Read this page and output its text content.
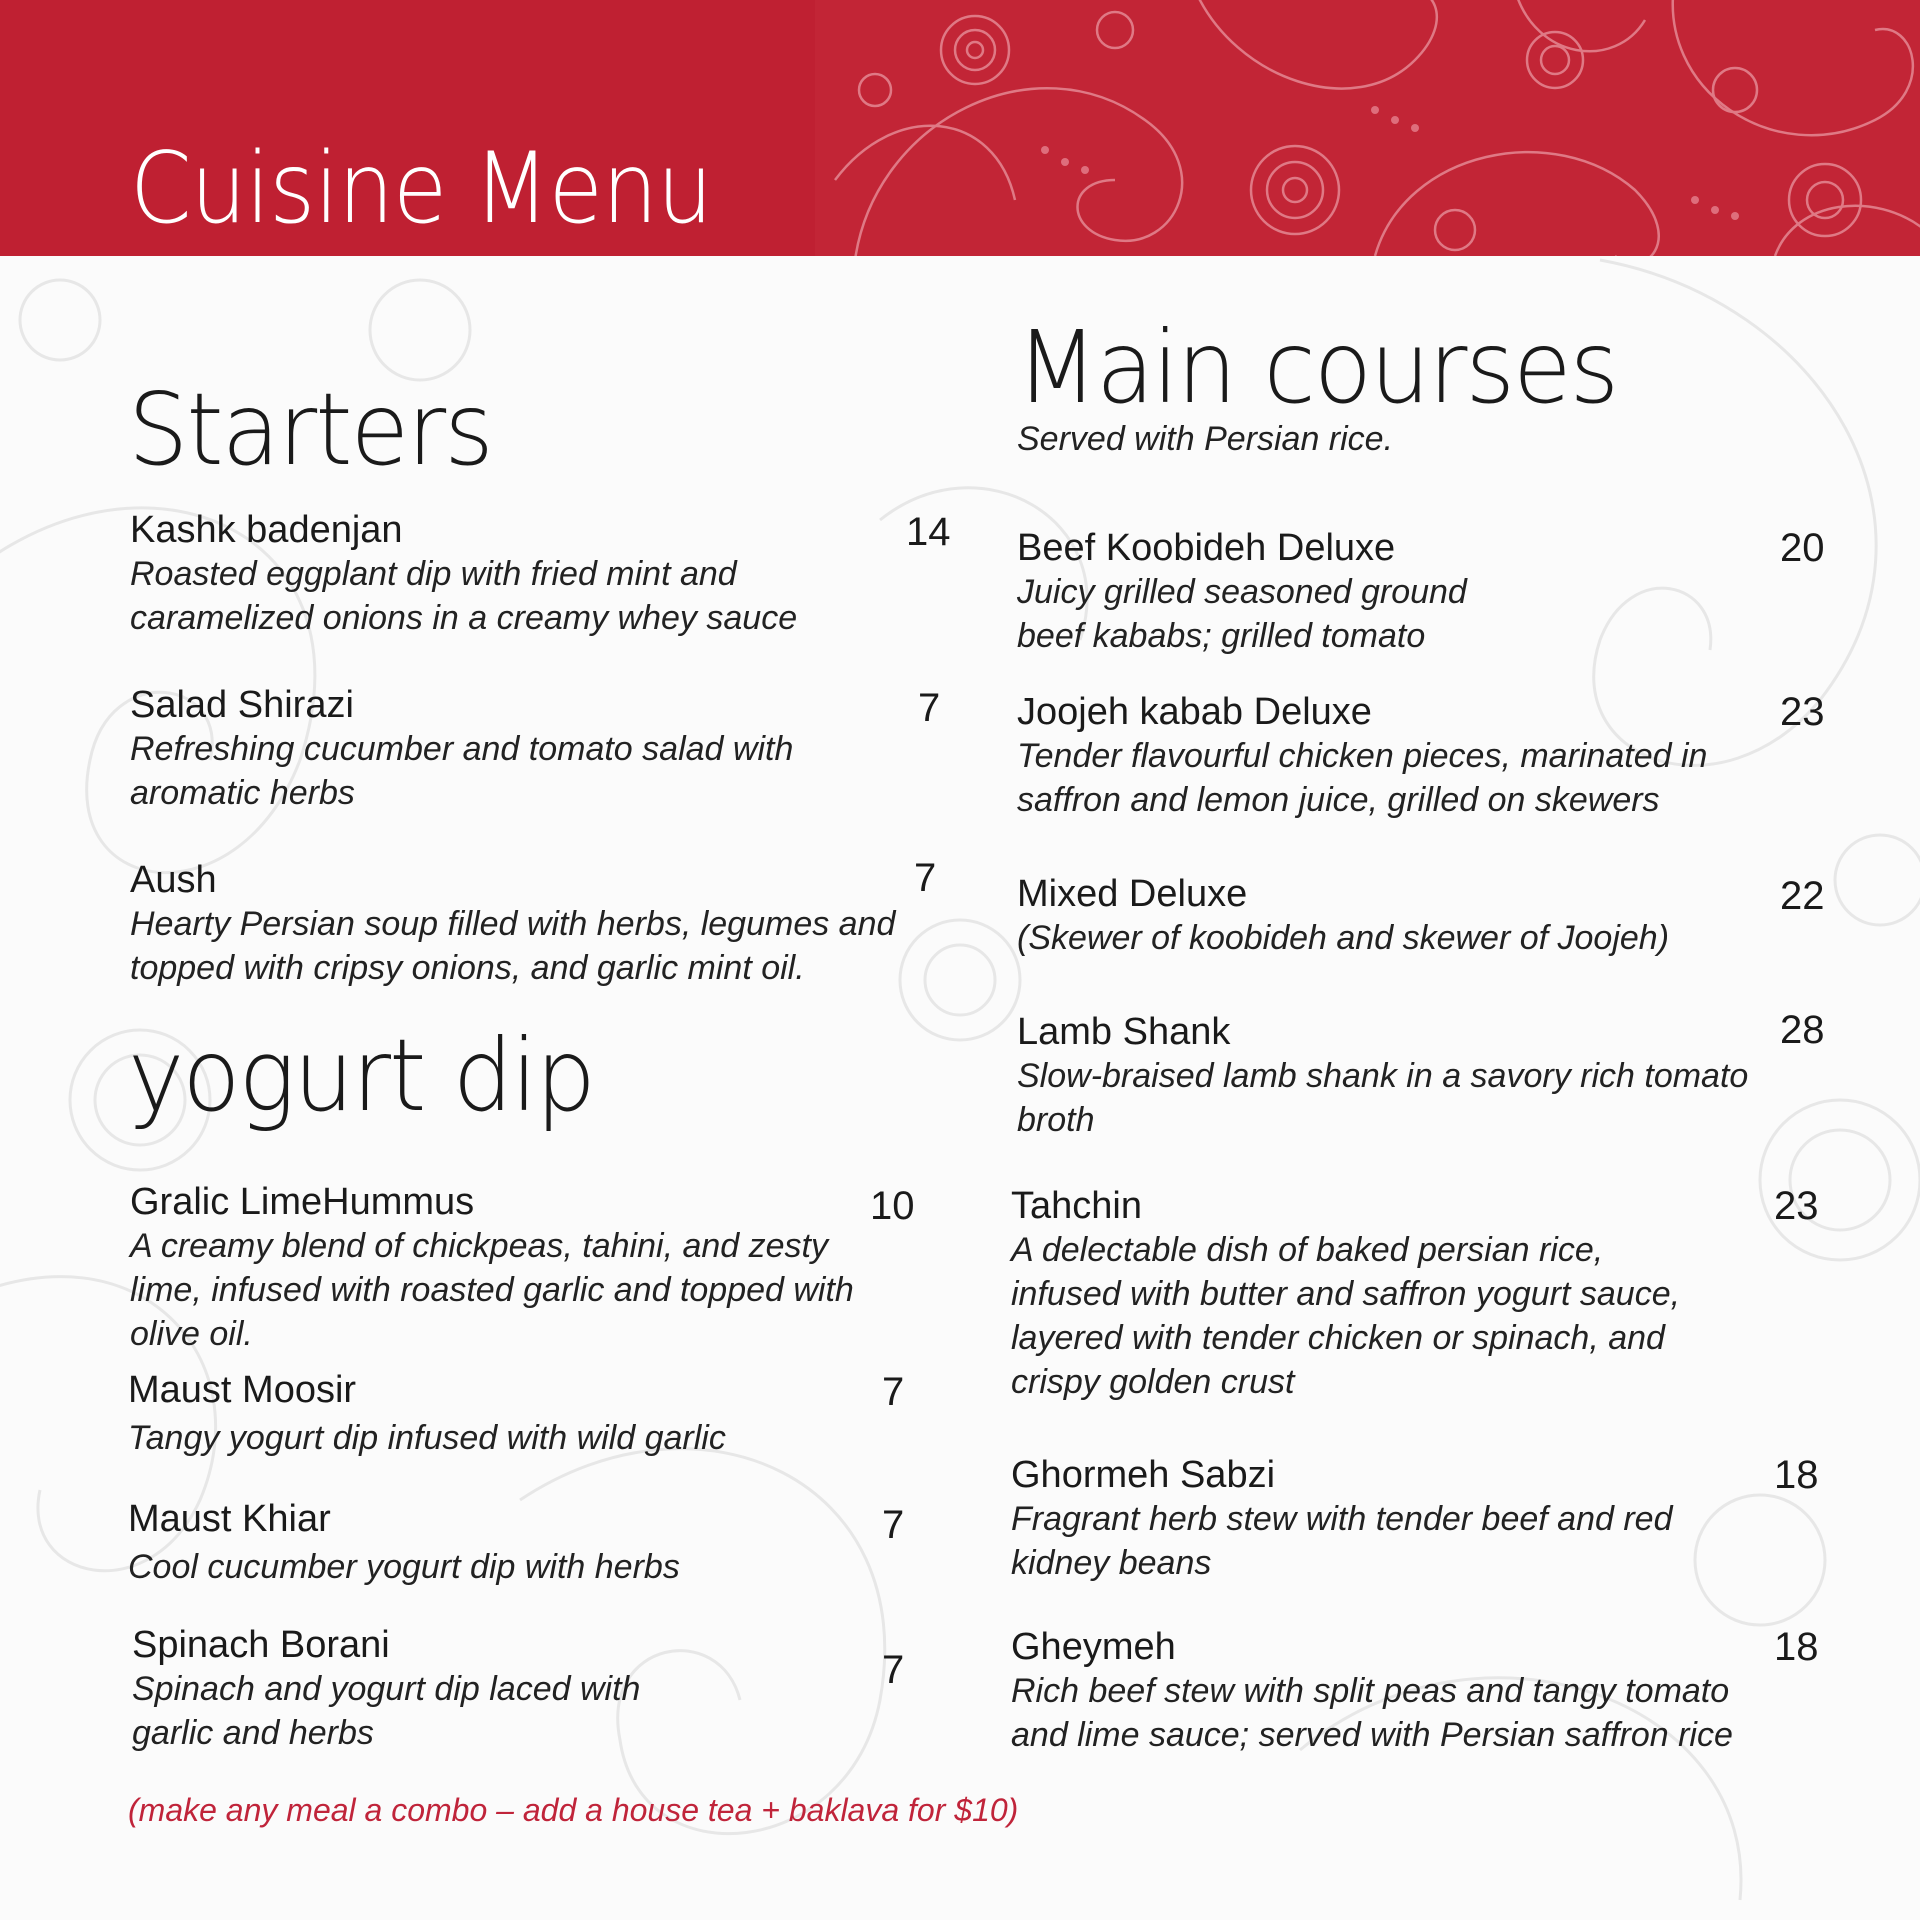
Cuisine Menu
Starters
Kashk badenjan
Roasted eggplant dip with fried mint and
caramelized onions in a creamy whey sauce
14
Salad Shirazi
Refreshing cucumber and tomato salad with
aromatic herbs
7
Aush
Hearty Persian soup filled with herbs, legumes and
topped with cripsy onions, and garlic mint oil.
7
yogurt dip
Gralic LimeHummus
A creamy blend of chickpeas, tahini, and zesty
lime, infused with roasted garlic and topped with
olive oil.
10
Maust Moosir
Tangy yogurt dip infused with wild garlic
7
Maust Khiar
Cool cucumber yogurt dip with herbs
7
Spinach Borani
Spinach and yogurt dip laced with
garlic and herbs
7
Main courses
Served with Persian rice.
Beef Koobideh Deluxe
Juicy grilled seasoned ground
beef kababs; grilled tomato
20
Joojeh kabab Deluxe
Tender flavourful chicken pieces, marinated in
saffron and lemon juice, grilled on skewers
23
Mixed Deluxe
(Skewer of koobideh and skewer of Joojeh)
22
Lamb Shank
Slow-braised lamb shank in a savory rich tomato
broth
28
Tahchin
A delectable dish of baked persian rice,
infused with butter and saffron yogurt sauce,
layered with tender chicken or spinach, and
crispy golden crust
23
Ghormeh Sabzi
Fragrant herb stew with tender beef and red
kidney beans
18
Gheymeh
Rich beef stew with split peas and tangy tomato
and lime sauce; served with Persian saffron rice
18
(make any meal a combo – add a house tea + baklava for $10)
